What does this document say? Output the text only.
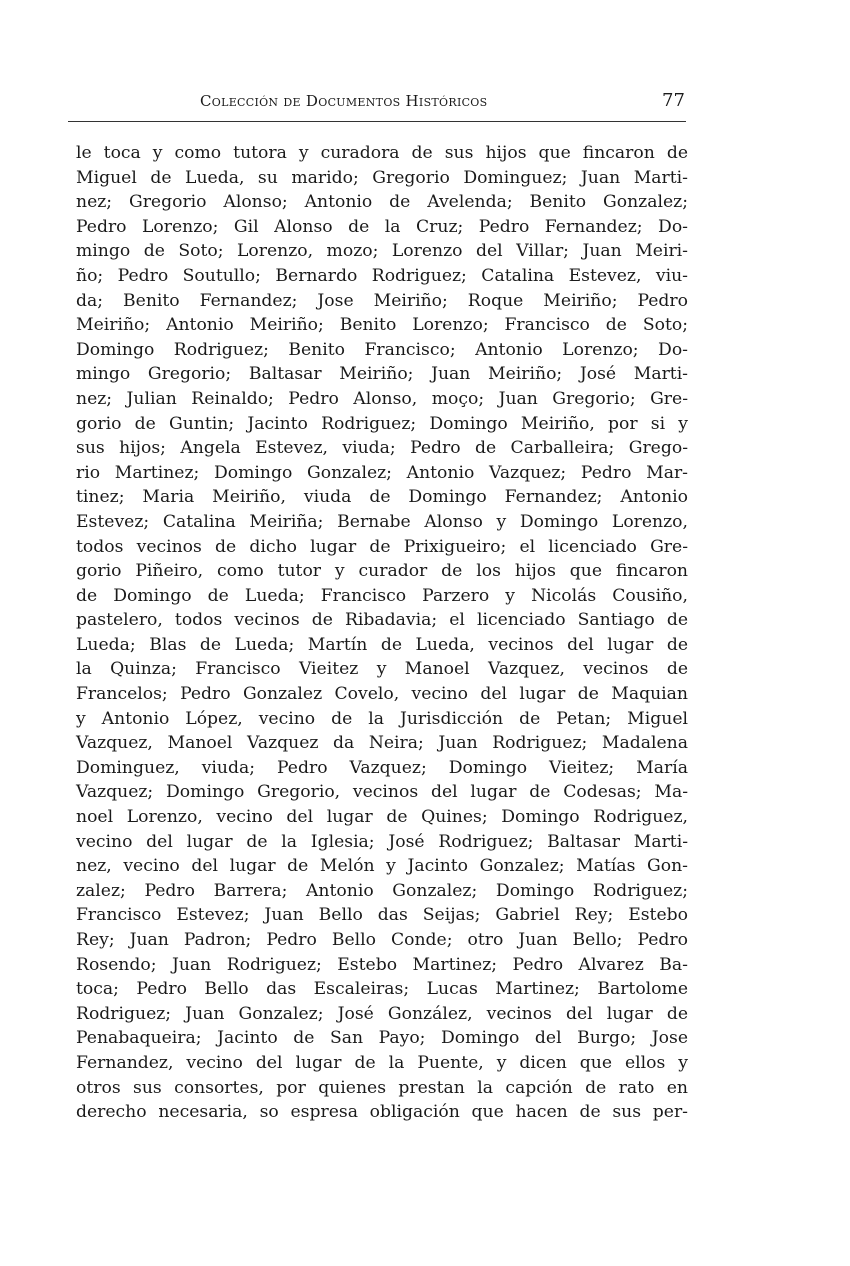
Colección de Documentos Históricos	77
le toca y como tutora y curadora de sus hijos que fincaron de
Miguel de Lueda, su marido; Gregorio Dominguez; Juan Marti-
nez; Gregorio Alonso; Antonio de Avelenda; Benito Gonzalez;
Pedro Lorenzo; Gil Alonso de la Cruz; Pedro Fernandez; Do-
mingo de Soto; Lorenzo, mozo; Lorenzo del Villar; Juan Meiri-
ño; Pedro Soutullo; Bernardo Rodriguez; Catalina Estevez, viu-
da; Benito Fernandez; Jose Meiriño; Roque Meiriño; Pedro
Meiriño; Antonio Meiriño; Benito Lorenzo; Francisco de Soto;
Domingo Rodriguez; Benito Francisco; Antonio Lorenzo; Do-
mingo Gregorio; Baltasar Meiriño; Juan Meiriño; José Marti-
nez; Julian Reinaldo; Pedro Alonso, moço; Juan Gregorio; Gre-
gorio de Guntin; Jacinto Rodriguez; Domingo Meiriño, por si y
sus hijos; Angela Estevez, viuda; Pedro de Carballeira; Grego-
rio Martinez; Domingo Gonzalez; Antonio Vazquez; Pedro Mar-
tinez; Maria Meiriño, viuda de Domingo Fernandez; Antonio
Estevez; Catalina Meiriña; Bernabe Alonso y Domingo Lorenzo,
todos vecinos de dicho lugar de Prixigueiro; el licenciado Gre-
gorio Piñeiro, como tutor y curador de los hijos que fincaron
de Domingo de Lueda; Francisco Parzero y Nicolás Cousiño,
pastelero, todos vecinos de Ribadavia; el licenciado Santiago de
Lueda; Blas de Lueda; Martín de Lueda, vecinos del lugar de
la Quinza; Francisco Vieitez y Manoel Vazquez, vecinos de
Francelos; Pedro Gonzalez Covelo, vecino del lugar de Maquian
y Antonio López, vecino de la Jurisdicción de Petan; Miguel
Vazquez, Manoel Vazquez da Neira; Juan Rodriguez; Madalena
Dominguez, viuda; Pedro Vazquez; Domingo Vieitez; María
Vazquez; Domingo Gregorio, vecinos del lugar de Codesas; Ma-
noel Lorenzo, vecino del lugar de Quines; Domingo Rodriguez,
vecino del lugar de la Iglesia; José Rodriguez; Baltasar Marti-
nez, vecino del lugar de Melón y Jacinto Gonzalez; Matías Gon-
zalez; Pedro Barrera; Antonio Gonzalez; Domingo Rodriguez;
Francisco Estevez; Juan Bello das Seijas; Gabriel Rey; Estebo
Rey; Juan Padron; Pedro Bello Conde; otro Juan Bello; Pedro
Rosendo; Juan Rodriguez; Estebo Martinez; Pedro Alvarez Ba-
toca; Pedro Bello das Escaleiras; Lucas Martinez; Bartolome
Rodriguez; Juan Gonzalez; José González, vecinos del lugar de
Penabaqueira; Jacinto de San Payo; Domingo del Burgo; Jose
Fernandez, vecino del lugar de la Puente, y dicen que ellos y
otros sus consortes, por quienes prestan la capción de rato en
derecho necesaria, so espresa obligación que hacen de sus per-
